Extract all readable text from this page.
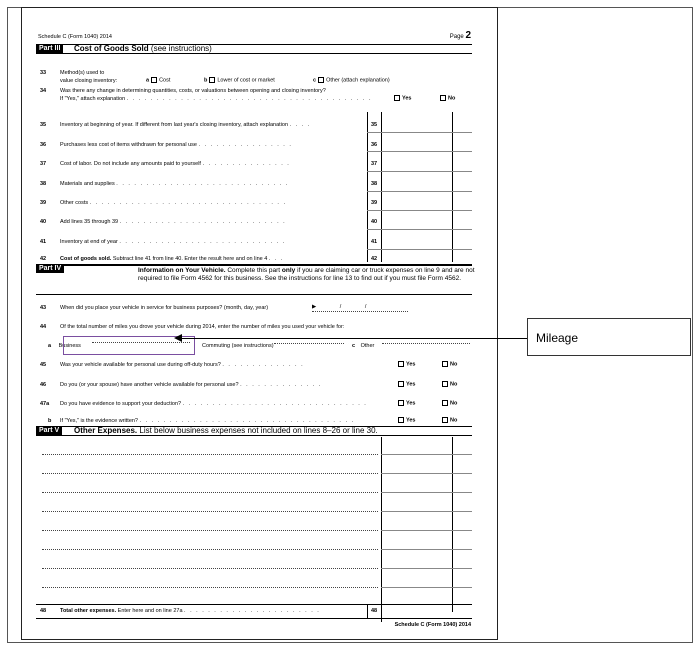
Schedule C (Form 1040) 2014	Page 2
Part III	Cost of Goods Sold (see instructions)
33	Method(s) used to
value closing inventory:	a Cost	b Lower of cost or market	c Other (attach explanation)
34	Was there any change in determining quantities, costs, or valuations between opening and closing inventory?
If "Yes," attach explanation . . . . . . . . . . . . . . . . . . . . . . . . . . . . . . . . . . . . . . . . .	Yes	No
35	Inventory at beginning of year. If different from last year's closing inventory, attach explanation . . . .	35
36	Purchases less cost of items withdrawn for personal use . . . . . . . . . . . . . . . .	36
37	Cost of labor. Do not include any amounts paid to yourself . . . . . . . . . . . . . . .	37
38	Materials and supplies . . . . . . . . . . . . . . . . . . . . . . . . . . . . .	38
39	Other costs . . . . . . . . . . . . . . . . . . . . . . . . . . . . . . . . .	39
40	Add lines 35 through 39 . . . . . . . . . . . . . . . . . . . . . . . . . . . .	40
41	Inventory at end of year . . . . . . . . . . . . . . . . . . . . . . . . . . . .	41
42	Cost of goods sold. Subtract line 41 from line 40. Enter the result here and on line 4 . . .	42
Part IV	Information on Your Vehicle. Complete this part only if you are claiming car or truck expenses on line 9 and are not required to file Form 4562 for this business. See the instructions for line 13 to find out if you must file Form 4562.
43	When did you place your vehicle in service for business purposes? (month, day, year)	▶	/	/
44	Of the total number of miles you drove your vehicle during 2014, enter the number of miles you used your vehicle for:
a Business	Commuting (see instructions)	c Other
45	Was your vehicle available for personal use during off-duty hours? . . . . . . . . . . . . . .	Yes	No
46	Do you (or your spouse) have another vehicle available for personal use? . . . . . . . . . . . . . .	Yes	No
47a Do you have evidence to support your deduction? . . . . . . . . . . . . . . . . . . . . . . . . . . . . . . .	Yes	No
b If "Yes," is the evidence written? . . . . . . . . . . . . . . . . . . . . . . . . . . . . . . . . . . . .	Yes	No
Part V	Other Expenses. List below business expenses not included on lines 8–26 or line 30.
48	Total other expenses. Enter here and on line 27a . . . . . . . . . . . . . . . . . . . . . . .	48
Schedule C (Form 1040) 2014
Mileage
